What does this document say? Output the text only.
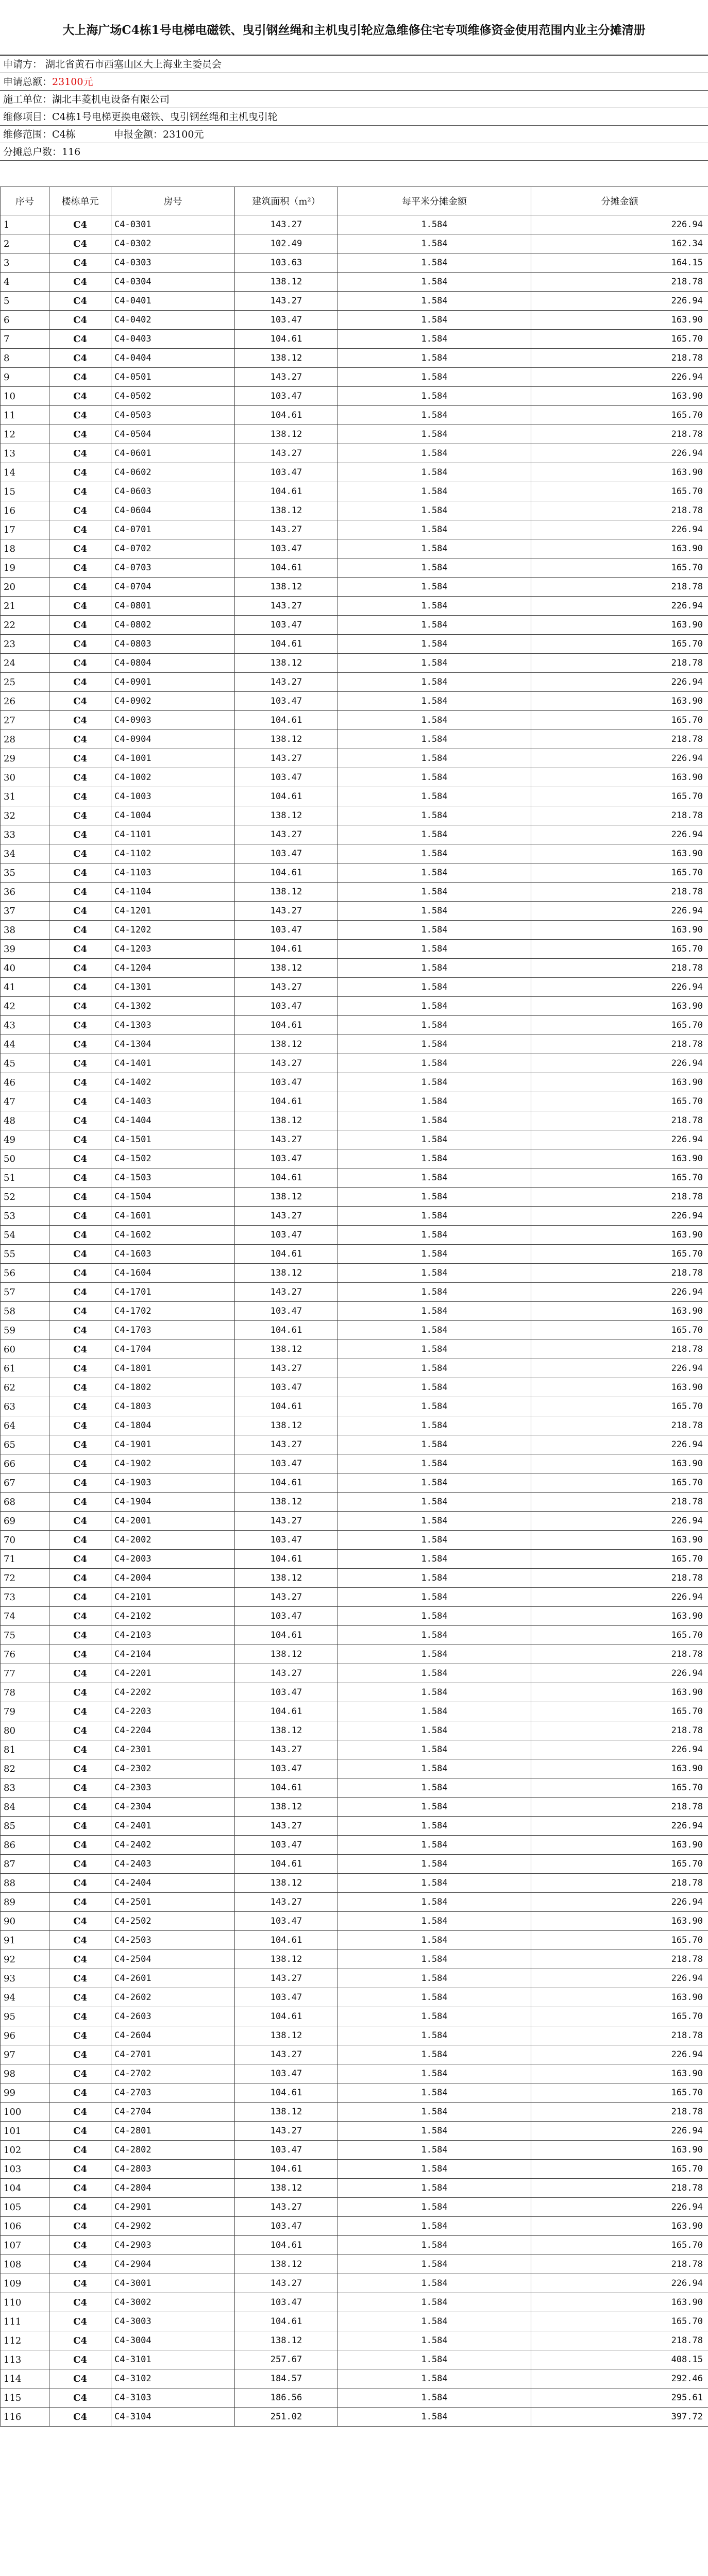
大上海广场C4栋1号电梯电磁铁、曳引钢丝绳和主机曳引轮应急维修住宅专项维修资金使用范围内业主分摊清册
申请方： 湖北省黄石市西塞山区大上海业主委员会
申请总额：23100元
施工单位：湖北丰菱机电设备有限公司
维修项目：C4栋1号电梯更换电磁铁、曳引钢丝绳和主机曳引轮
维修范围：C4栋	申报金额：23100元
分摊总户数：116
序号	楼栋单元	房号	建筑面积（m²）	每平米分摊金额	分摊金额
1	C4	C4-0301	143.27	1.584	226.94
2	C4	C4-0302	102.49	1.584	162.34
3	C4	C4-0303	103.63	1.584	164.15
4	C4	C4-0304	138.12	1.584	218.78
5	C4	C4-0401	143.27	1.584	226.94
6	C4	C4-0402	103.47	1.584	163.90
7	C4	C4-0403	104.61	1.584	165.70
8	C4	C4-0404	138.12	1.584	218.78
9	C4	C4-0501	143.27	1.584	226.94
10	C4	C4-0502	103.47	1.584	163.90
11	C4	C4-0503	104.61	1.584	165.70
12	C4	C4-0504	138.12	1.584	218.78
13	C4	C4-0601	143.27	1.584	226.94
14	C4	C4-0602	103.47	1.584	163.90
15	C4	C4-0603	104.61	1.584	165.70
16	C4	C4-0604	138.12	1.584	218.78
17	C4	C4-0701	143.27	1.584	226.94
18	C4	C4-0702	103.47	1.584	163.90
19	C4	C4-0703	104.61	1.584	165.70
20	C4	C4-0704	138.12	1.584	218.78
21	C4	C4-0801	143.27	1.584	226.94
22	C4	C4-0802	103.47	1.584	163.90
23	C4	C4-0803	104.61	1.584	165.70
24	C4	C4-0804	138.12	1.584	218.78
25	C4	C4-0901	143.27	1.584	226.94
26	C4	C4-0902	103.47	1.584	163.90
27	C4	C4-0903	104.61	1.584	165.70
28	C4	C4-0904	138.12	1.584	218.78
29	C4	C4-1001	143.27	1.584	226.94
30	C4	C4-1002	103.47	1.584	163.90
31	C4	C4-1003	104.61	1.584	165.70
32	C4	C4-1004	138.12	1.584	218.78
33	C4	C4-1101	143.27	1.584	226.94
34	C4	C4-1102	103.47	1.584	163.90
35	C4	C4-1103	104.61	1.584	165.70
36	C4	C4-1104	138.12	1.584	218.78
37	C4	C4-1201	143.27	1.584	226.94
38	C4	C4-1202	103.47	1.584	163.90
39	C4	C4-1203	104.61	1.584	165.70
40	C4	C4-1204	138.12	1.584	218.78
41	C4	C4-1301	143.27	1.584	226.94
42	C4	C4-1302	103.47	1.584	163.90
43	C4	C4-1303	104.61	1.584	165.70
44	C4	C4-1304	138.12	1.584	218.78
45	C4	C4-1401	143.27	1.584	226.94
46	C4	C4-1402	103.47	1.584	163.90
47	C4	C4-1403	104.61	1.584	165.70
48	C4	C4-1404	138.12	1.584	218.78
49	C4	C4-1501	143.27	1.584	226.94
50	C4	C4-1502	103.47	1.584	163.90
51	C4	C4-1503	104.61	1.584	165.70
52	C4	C4-1504	138.12	1.584	218.78
53	C4	C4-1601	143.27	1.584	226.94
54	C4	C4-1602	103.47	1.584	163.90
55	C4	C4-1603	104.61	1.584	165.70
56	C4	C4-1604	138.12	1.584	218.78
57	C4	C4-1701	143.27	1.584	226.94
58	C4	C4-1702	103.47	1.584	163.90
59	C4	C4-1703	104.61	1.584	165.70
60	C4	C4-1704	138.12	1.584	218.78
61	C4	C4-1801	143.27	1.584	226.94
62	C4	C4-1802	103.47	1.584	163.90
63	C4	C4-1803	104.61	1.584	165.70
64	C4	C4-1804	138.12	1.584	218.78
65	C4	C4-1901	143.27	1.584	226.94
66	C4	C4-1902	103.47	1.584	163.90
67	C4	C4-1903	104.61	1.584	165.70
68	C4	C4-1904	138.12	1.584	218.78
69	C4	C4-2001	143.27	1.584	226.94
70	C4	C4-2002	103.47	1.584	163.90
71	C4	C4-2003	104.61	1.584	165.70
72	C4	C4-2004	138.12	1.584	218.78
73	C4	C4-2101	143.27	1.584	226.94
74	C4	C4-2102	103.47	1.584	163.90
75	C4	C4-2103	104.61	1.584	165.70
76	C4	C4-2104	138.12	1.584	218.78
77	C4	C4-2201	143.27	1.584	226.94
78	C4	C4-2202	103.47	1.584	163.90
79	C4	C4-2203	104.61	1.584	165.70
80	C4	C4-2204	138.12	1.584	218.78
81	C4	C4-2301	143.27	1.584	226.94
82	C4	C4-2302	103.47	1.584	163.90
83	C4	C4-2303	104.61	1.584	165.70
84	C4	C4-2304	138.12	1.584	218.78
85	C4	C4-2401	143.27	1.584	226.94
86	C4	C4-2402	103.47	1.584	163.90
87	C4	C4-2403	104.61	1.584	165.70
88	C4	C4-2404	138.12	1.584	218.78
89	C4	C4-2501	143.27	1.584	226.94
90	C4	C4-2502	103.47	1.584	163.90
91	C4	C4-2503	104.61	1.584	165.70
92	C4	C4-2504	138.12	1.584	218.78
93	C4	C4-2601	143.27	1.584	226.94
94	C4	C4-2602	103.47	1.584	163.90
95	C4	C4-2603	104.61	1.584	165.70
96	C4	C4-2604	138.12	1.584	218.78
97	C4	C4-2701	143.27	1.584	226.94
98	C4	C4-2702	103.47	1.584	163.90
99	C4	C4-2703	104.61	1.584	165.70
100	C4	C4-2704	138.12	1.584	218.78
101	C4	C4-2801	143.27	1.584	226.94
102	C4	C4-2802	103.47	1.584	163.90
103	C4	C4-2803	104.61	1.584	165.70
104	C4	C4-2804	138.12	1.584	218.78
105	C4	C4-2901	143.27	1.584	226.94
106	C4	C4-2902	103.47	1.584	163.90
107	C4	C4-2903	104.61	1.584	165.70
108	C4	C4-2904	138.12	1.584	218.78
109	C4	C4-3001	143.27	1.584	226.94
110	C4	C4-3002	103.47	1.584	163.90
111	C4	C4-3003	104.61	1.584	165.70
112	C4	C4-3004	138.12	1.584	218.78
113	C4	C4-3101	257.67	1.584	408.15
114	C4	C4-3102	184.57	1.584	292.46
115	C4	C4-3103	186.56	1.584	295.61
116	C4	C4-3104	251.02	1.584	397.72
